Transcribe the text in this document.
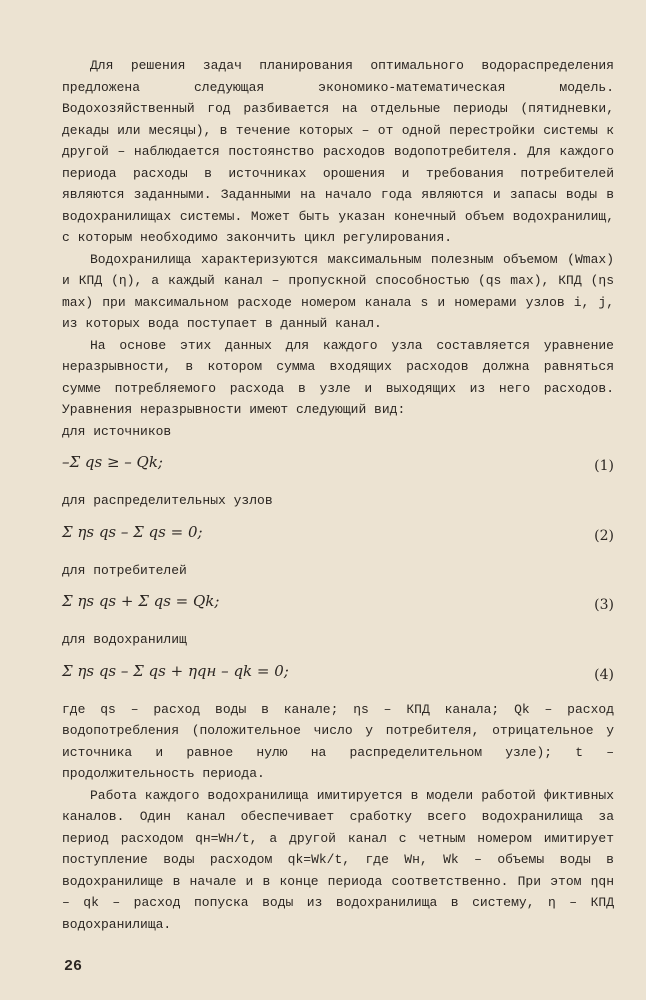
Для решения задач планирования оптимального водораспределения предложена следующая экономико-математическая модель. Водохозяйственный год разбивается на отдельные периоды (пятидневки, декады или месяцы), в течение которых – от одной перестройки системы к другой – наблюдается постоянство расходов водопотребителя. Для каждого периода расходы в источниках орошения и требования потребителей являются заданными. Заданными на начало года являются и запасы воды в водохранилищах системы. Может быть указан конечный объем водохранилищ, с которым необходимо закончить цикл регулирования.

Водохранилища характеризуются максимальным полезным объемом (Wmax) и КПД (η), а каждый канал – пропускной способностью (qs max), КПД (ηs max) при максимальном расходе номером канала s и номерами узлов i, j, из которых вода поступает в данный канал.

На основе этих данных для каждого узла составляется уравнение неразрывности, в котором сумма входящих расходов должна равняться сумме потребляемого расхода в узле и выходящих из него расходов. Уравнения неразрывности имеют следующий вид:

для источников

–Σ qs ≥ – Qk;	(1)

для распределительных узлов

Σ ηs qs – Σ qs = 0;	(2)

для потребителей

Σ ηs qs + Σ qs = Qk;	(3)

для водохранилищ

Σ ηs qs – Σ qs + ηqн – qk = 0;	(4)

где qs – расход воды в канале; ηs – КПД канала; Qk – расход водопотребления (положительное число у потребителя, отрицательное у источника и равное нулю на распределительном узле); t – продолжительность периода.

Работа каждого водохранилища имитируется в модели работой фиктивных каналов. Один канал обеспечивает сработку всего водохранилища за период расходом qн=Wн/t, а другой канал с четным номером имитирует поступление воды расходом qk=Wk/t, где Wн, Wk – объемы воды в водохранилище в начале и в конце периода соответственно. При этом ηqн – qk – расход попуска воды из водохранилища в систему, η – КПД водохранилища.

26
